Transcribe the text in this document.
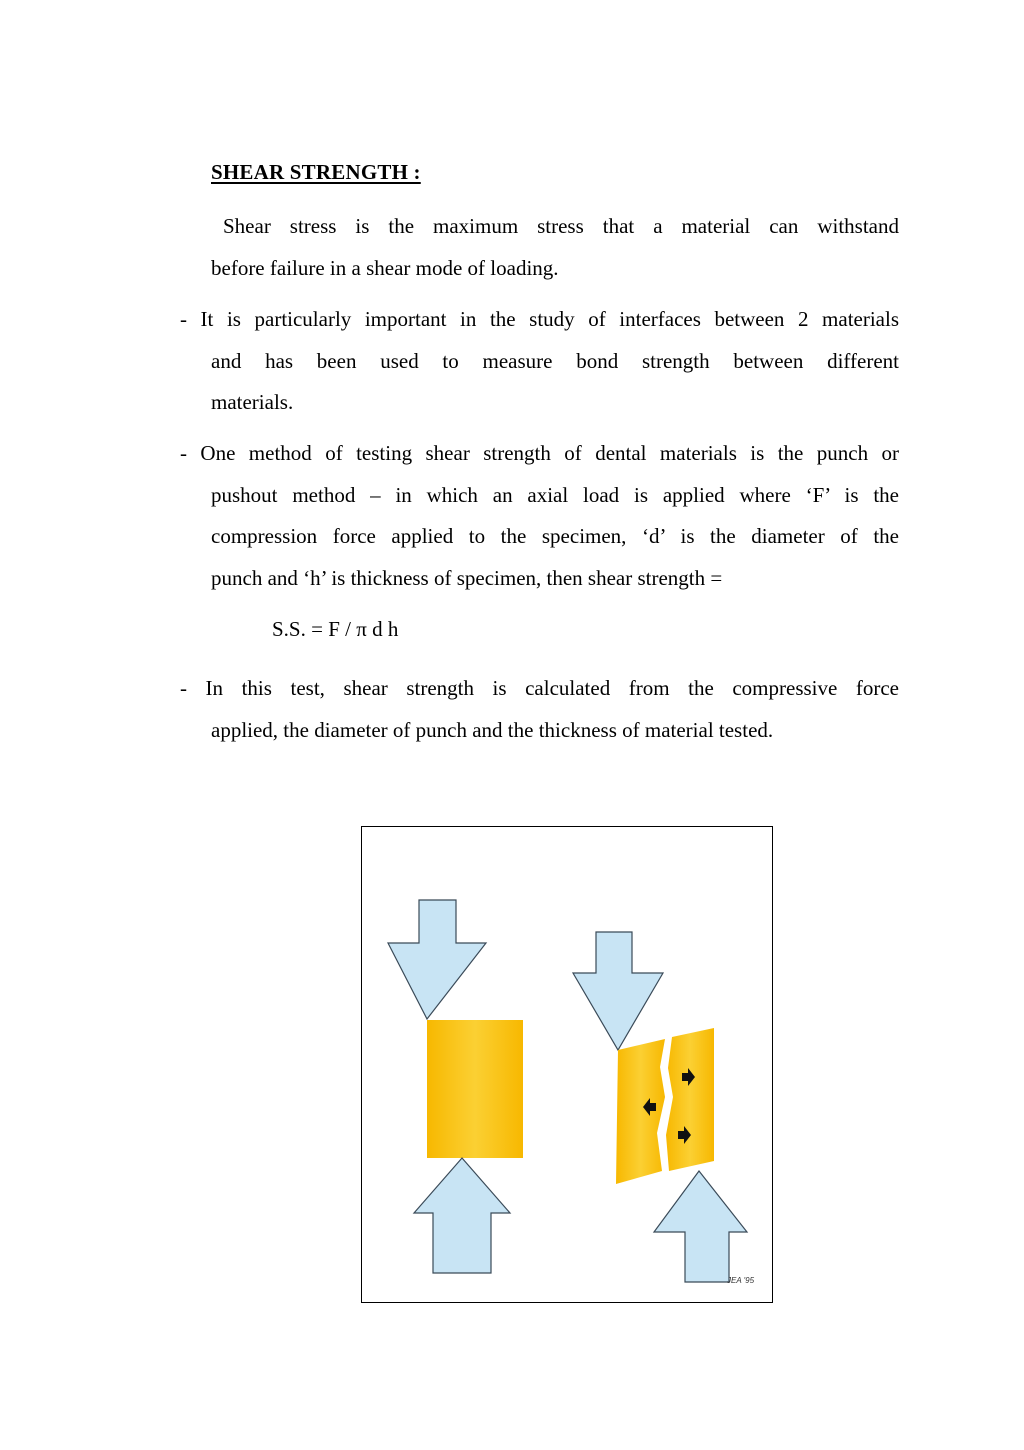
SHEAR STRENGTH :
Shear stress is the maximum stress that a material can withstand
before failure in a shear mode of loading.
- It is particularly important in the study of interfaces between 2 materials
and has been used to measure bond strength between different
materials.
- One method of testing shear strength of dental materials is the punch or
pushout method – in which an axial load is applied where ‘F’ is the
compression force applied to the specimen, ‘d’ is the diameter of the
punch and ‘h’ is thickness of specimen, then shear strength =
S.S. = F / π d h
- In this test, shear strength is calculated from the compressive force
applied, the diameter of punch and the thickness of material tested.
JEA '95
